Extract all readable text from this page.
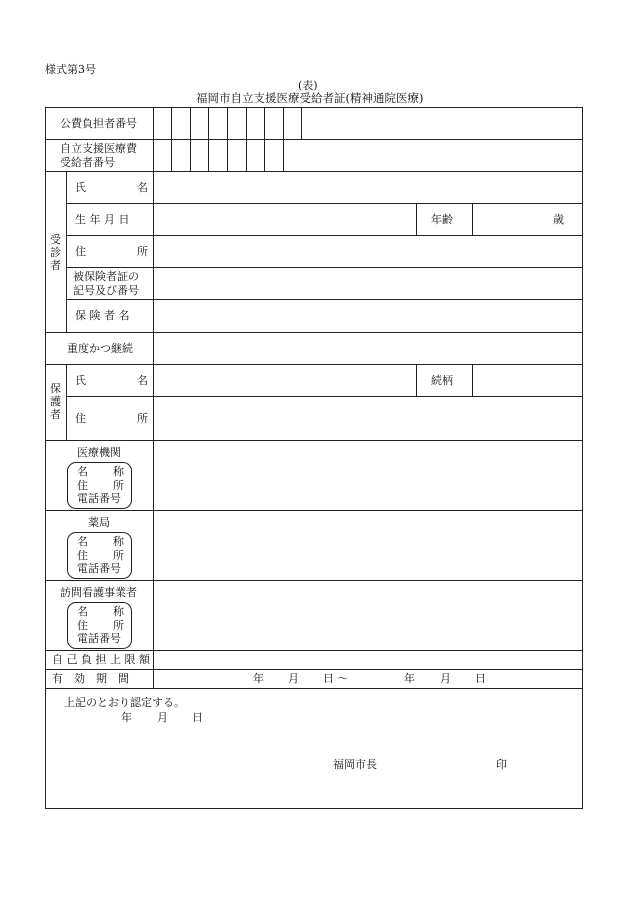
様式第3号
(表)
福岡市自立支援医療受給者証(精神通院医療)
公費負担者番号
自立支援医療費
受給者番号
受診者
氏	名
生 年 月 日	年齢	歳
住	所
被保険者証の
記号及び番号
保 険 者 名
重度かつ継続
保護者
氏	名	続柄
住	所
医療機関
名 称
住 所
電話番号
薬局
名 称
住 所
電話番号
訪問看護事業者
名 称
住 所
電話番号
自 己 負 担 上 限 額
有　効　期　間	年 月 日 〜	年 月 日
上記のとおり認定する。
年 月 日
福岡市長	印
